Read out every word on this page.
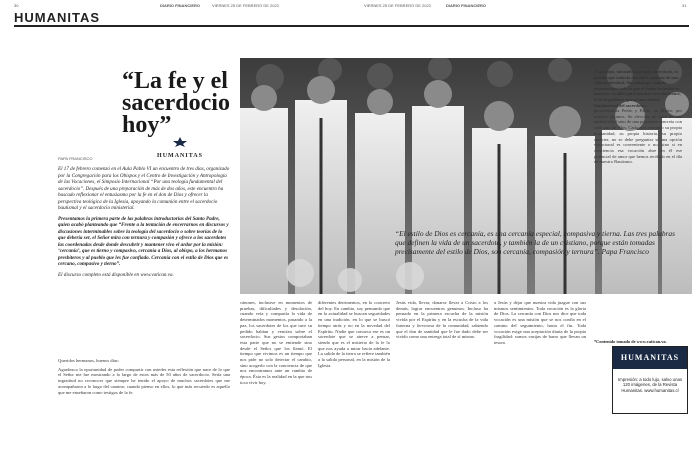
30	DIARIO FINANCIERO	VIERNES 25 DE FEBRERO DE 2022	VIERNES 25 DE FEBRERO DE 2022	DIARIO FINANCIERO	31
HUMANITAS
“La fe y el sacerdocio hoy”
HUMANITAS
PAPA FRANCISCO

El 17 de febrero comenzó en el Aula Pablo VI un encuentro de tres días, organizado por la Congregación para los Obispos y el Centro de Investigación y Antropología de las Vocaciones, el Simposio Internacional “Por una teología fundamental del sacerdocio”. Después de una preparación de más de dos años, este encuentro ha buscado reflexionar el entusiasmo por la fe en el don de Dios y ofrecer la perspectiva teológica de la Iglesia, apoyando la comunión entre el sacerdocio bautismal y el sacerdocio ministerial.

Presentamos la primera parte de las palabras introductorias del Santo Padre, quien acabó planteando que “Frente a la tentación de encerrarnos en discursos y discusiones interminables sobre la teología del sacerdocio o sobre teorías de lo que debería ser, el Señor mira con ternura y compasión y ofrece a los sacerdotes las coordenadas desde donde descubrir y mantener vivo el ardor por la misión: ‘cercanía’, que es tierno y compasivo, cercanía a Dios, al obispo, a los hermanos presbíteros y al pueblo que les fue confiado. Cercanía con el estilo de Dios que es cercano, compasivo y tierno”.

El discurso completo está disponible en www.vatican.va.

Queridos hermanos, buenos días:

Agradezco la oportunidad de poder compartir con ustedes esta reflexión que nace de lo que el Señor me fue mostrando a lo largo de estos más de 50 años de sacerdocio. Sería una ingratitud no reconocer que siempre he tenido el apoyo de muchos sacerdotes que me acompañaron a lo largo del camino; cuando pienso en ellos, lo que más recuerdo es aquello que me enseñaron como testigos de la fe.

cánones, inclusive en momentos de pruebas, dificultades y desolación, cuando veía y compartía la vida de determinados momentos, pasando a la paz, los sacerdotes de los que tuve su pedido habían y vencían sobre el sacerdocio. Sus gestos comportaban esta parte que no se entiende sino desde el Señor que los llamó. El tiempo que vivimos es un tiempo que nos pide no solo detectar el cambio, sino acogerlo con la conciencia de que nos encontramos ante un cambio de época. Ésta es la realidad en la que nos toca vivir hoy.

diferentes detrimentos, en lo concreto del hoy. En cambio, soy pensando que en la actualidad se buscan seguridades en una tradición, en lo que se buscó tiempo atrás y no en la novedad del Espíritu. Nadie que conozca ese es un sacerdote que se atreve a pensar, siendo que es el misterio de la fe lo que nos ayuda a mirar hacia adelante. La salida de la tierra se refiere también a la salida personal, en la misión de la Iglesia.

“El estilo de Dios es cercanía, es una cercanía especial, compasiva y tierna. Las tres palabras que definen la vida de un sacerdote, y también la de un cristiano, porque están tomadas precisamente del estilo de Dios, son cercanía, compasión y ternura”. Papa Francisco

Jesús vida, llevar, donarse llevar a Cristo a los demás, lograr encuentros genuinos. Incluso ha pensado en la primera escucha de la misión vivida por el Espíritu y en la escucha de la vida fraterna y fervorosa de la comunidad, sabiendo que el don de santidad que le fue dado debe ser vivido como una entrega total de sí mismo.

a Jesús y dejar que nuestra vida juzgue con sus mismos sentimientos. Toda vocación es la gloria de Dios. La cercanía con Dios nos dice que toda vocación es una misión que se nos confía en el camino del seguimiento, hasta el fin. Toda vocación exige una aceptación diaria de la propia fragilidad: somos vasijas de barro que llevan un tesoro.

«Cada uno, mirando su propio sacerdocio, es posible que todavía descubra caminos de una vida en plenitud. Sin embargo, cuando reconocemos todo lo que el Señor ha hecho en nosotros, se abre para nosotros otro horizonte, el de la gratitud, que es una actitud fundamental del sacerdote.»

perseverancia Pedro y Pablo, en Mateo, por nombre algunos. Su elección no nace de una aptitud ideal sino de una presencia concreta con cada uno de ellos. Cada uno, mirando su propia humanidad, su propia historia, su propio carácter, no se debe preguntar si una opción vocacional es conveniente o no, sino si en conciencia esa vocación abre en él ese potencial de amor que hemos recibido en el día de nuestro Bautismo.

*Contenido tomado de www.vatican.va.
HUMANITAS
Impresión: a todo lujo, salvo unas 120 imágenes, de la Revista Humanitas. www.humanitas.cl
